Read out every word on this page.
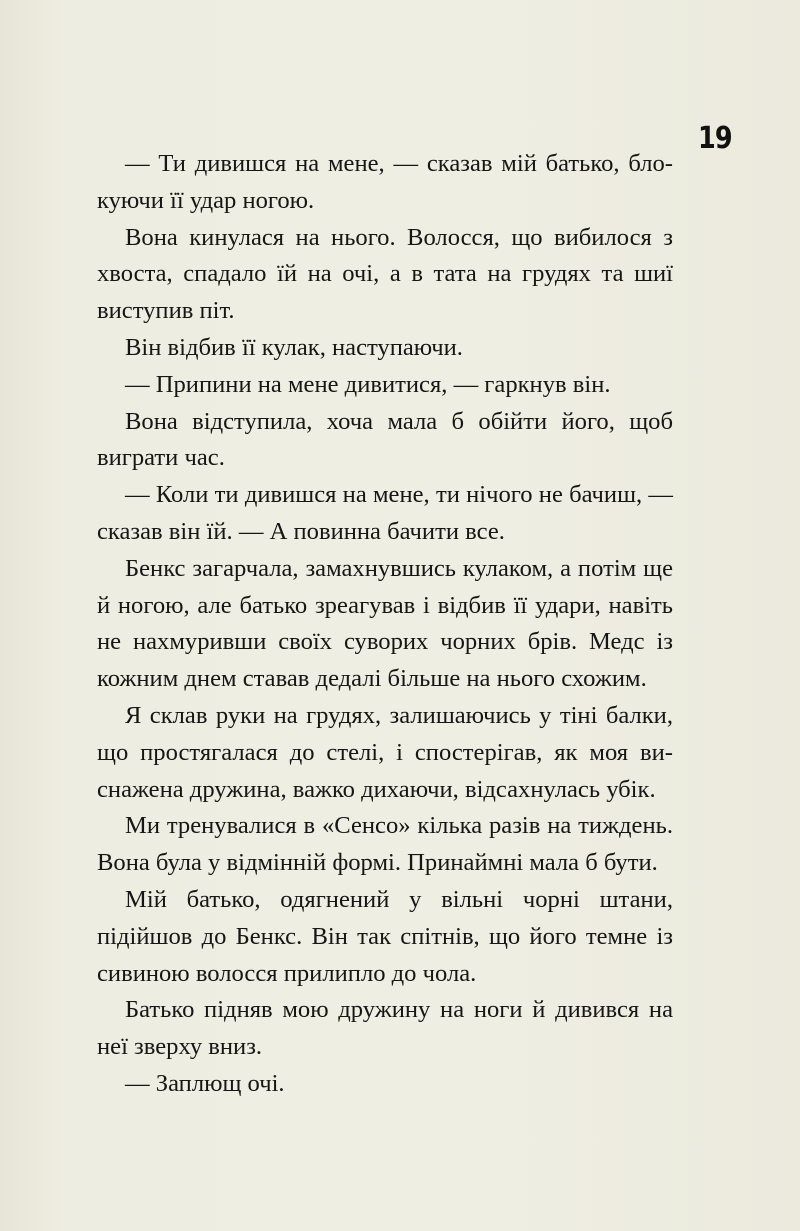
19

— Ти дивишся на мене, — сказав мій батько, блокуючи її удар ногою.

Вона кинулася на нього. Волосся, що вибилося з хвоста, спадало їй на очі, а в тата на грудях та шиї виступив піт.

Він відбив її кулак, наступаючи.

— Припини на мене дивитися, — гаркнув він.

Вона відступила, хоча мала б обійти його, щоб виграти час.

— Коли ти дивишся на мене, ти нічого не бачиш, — сказав він їй. — А повинна бачити все.

Бенкс загарчала, замахнувшись кулаком, а потім ще й ногою, але батько зреагував і відбив її удари, навіть не нахмуривши своїх суворих чорних брів. Медс із кожним днем ставав дедалі більше на нього схожим.

Я склав руки на грудях, залишаючись у тіні балки, що простягалася до стелі, і спостерігав, як моя виснажена дружина, важко дихаючи, відсахнулась убік.

Ми тренувалися в «Сенсо» кілька разів на тиждень. Вона була у відмінній формі. Принаймні мала б бути.

Мій батько, одягнений у вільні чорні штани, підійшов до Бенкс. Він так спітнів, що його темне із сивиною волосся прилипло до чола.

Батько підняв мою дружину на ноги й дивився на неї зверху вниз.

— Заплющ очі.
